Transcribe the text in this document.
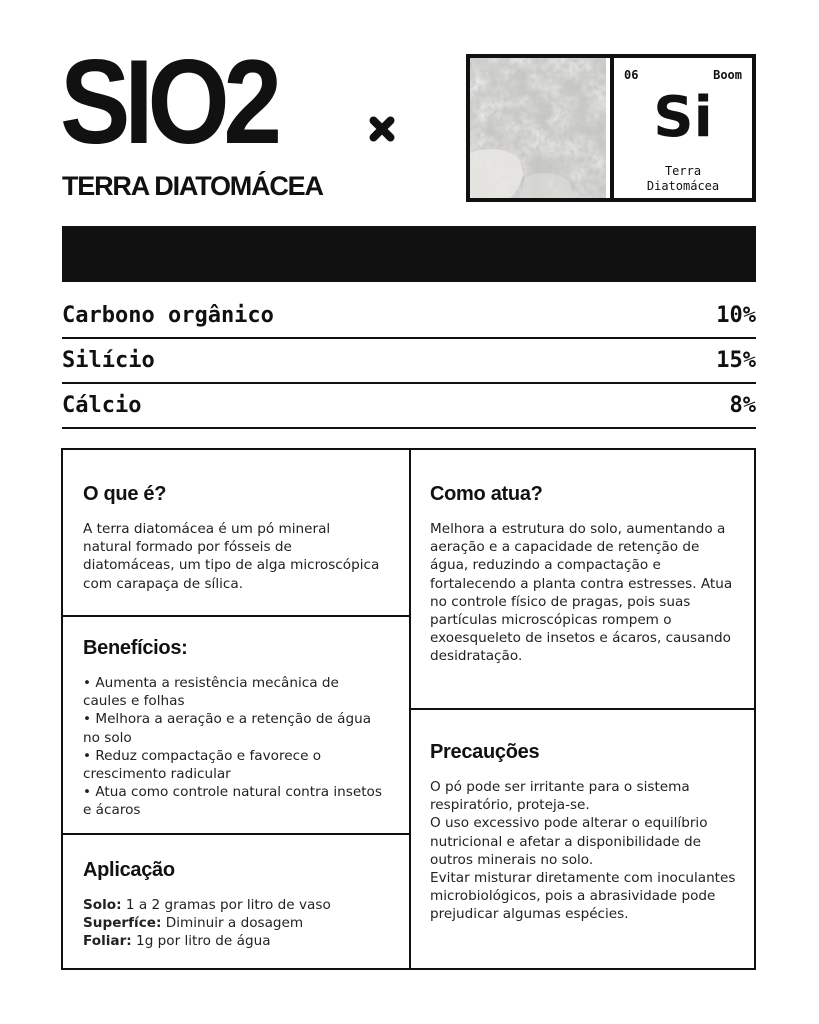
SIO2
TERRA DIATOMÁCEA
06	Boom
Si
Terra
Diatomácea
Carbono orgânico	10%
Silício	15%
Cálcio	8%
O que é?

A terra diatomácea é um pó mineral natural formado por fósseis de diatomáceas, um tipo de alga microscópica com carapaça de sílica.

Benefícios:
• Aumenta a resistência mecânica de caules e folhas
• Melhora a aeração e a retenção de água no solo
• Reduz compactação e favorece o crescimento radicular
• Atua como controle natural contra insetos e ácaros
Aplicação
Solo: 1 a 2 gramas por litro de vaso
Superfíce: Diminuir a dosagem
Foliar: 1g por litro de água
Como atua?

Melhora a estrutura do solo, aumentando a aeração e a capacidade de retenção de água, reduzindo a compactação e fortalecendo a planta contra estresses. Atua no controle físico de pragas, pois suas partículas microscópicas rompem o exoesqueleto de insetos e ácaros, causando desidratação.

Precauções

O pó pode ser irritante para o sistema respiratório, proteja-se.

O uso excessivo pode alterar o equilíbrio nutricional e afetar a disponibilidade de outros minerais no solo.

Evitar misturar diretamente com inoculantes microbiológicos, pois a abrasividade pode prejudicar algumas espécies.
